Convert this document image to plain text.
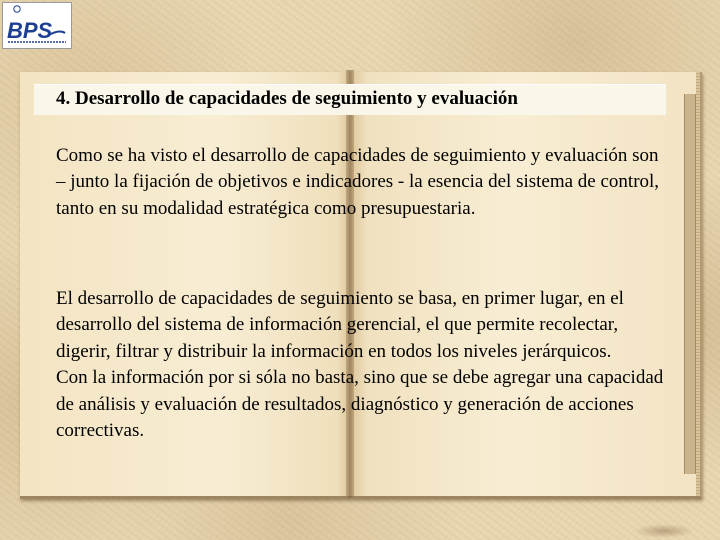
BPS
4. Desarrollo de capacidades de seguimiento y evaluación

Como se ha visto el desarrollo de capacidades de seguimiento y evaluación son – junto la fijación de objetivos e indicadores - la esencia del sistema de control, tanto en su modalidad estratégica como presupuestaria.

El desarrollo de capacidades de seguimiento se basa, en primer lugar, en el desarrollo del sistema de información gerencial, el que permite recolectar, digerir, filtrar y distribuir la información en todos los niveles jerárquicos.
Con la información por si sóla no basta, sino que se debe agregar una capacidad de análisis y evaluación de resultados, diagnóstico y generación de acciones correctivas.
